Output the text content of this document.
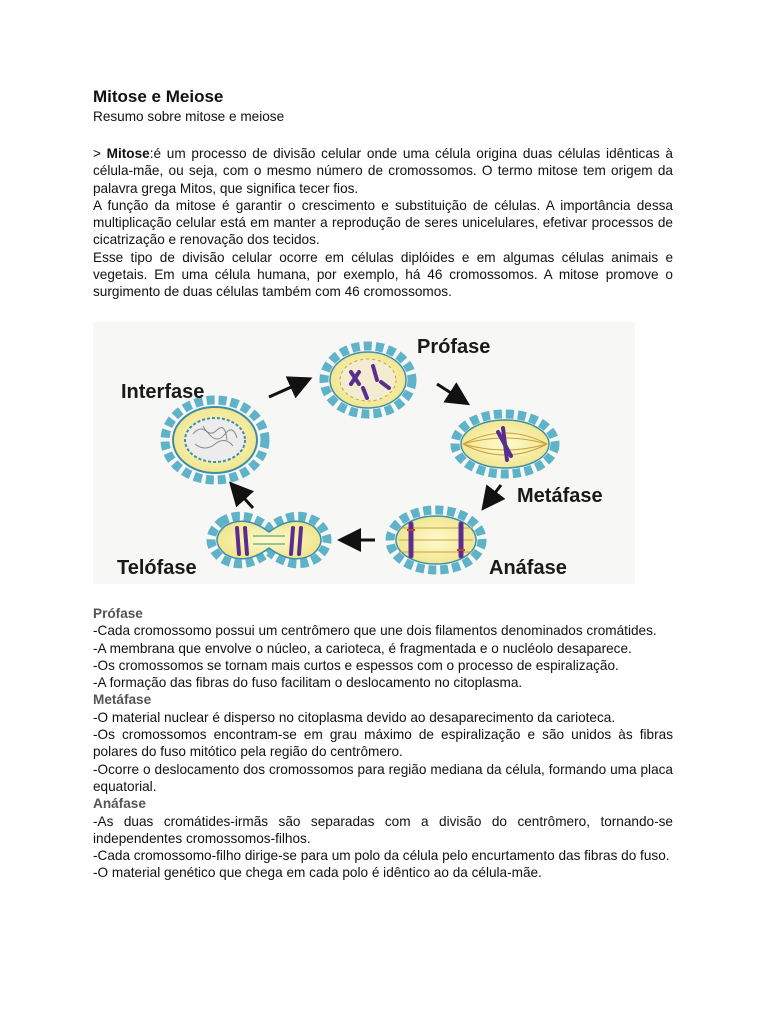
Mitose e Meiose

Resumo sobre mitose e meiose

> Mitose:é um processo de divisão celular onde uma célula origina duas células idênticas à célula-mãe, ou seja, com o mesmo número de cromossomos. O termo mitose tem origem da palavra grega Mitos, que significa tecer fios.

A função da mitose é garantir o crescimento e substituição de células. A importância dessa multiplicação celular está em manter a reprodução de seres unicelulares, efetivar processos de cicatrização e renovação dos tecidos.

Esse tipo de divisão celular ocorre em células diplóides e em algumas células animais e vegetais. Em uma célula humana, por exemplo, há 46 cromossomos. A mitose promove o surgimento de duas células também com 46 cromossomos.

Interfase
Prófase
Metáfase
Anáfase
Telófase

Prófase

-Cada cromossomo possui um centrômero que une dois filamentos denominados cromátides.

-A membrana que envolve o núcleo, a carioteca, é fragmentada e o nucléolo desaparece.

-Os cromossomos se tornam mais curtos e espessos com o processo de espiralização.

-A formação das fibras do fuso facilitam o deslocamento no citoplasma.

Metáfase

-O material nuclear é disperso no citoplasma devido ao desaparecimento da carioteca.

-Os cromossomos encontram-se em grau máximo de espiralização e são unidos às fibras polares do fuso mitótico pela região do centrômero.

-Ocorre o deslocamento dos cromossomos para região mediana da célula, formando uma placa equatorial.

Anáfase

-As duas cromátides-irmãs são separadas com a divisão do centrômero, tornando-se independentes cromossomos-filhos.

-Cada cromossomo-filho dirige-se para um polo da célula pelo encurtamento das fibras do fuso.

-O material genético que chega em cada polo é idêntico ao da célula-mãe.
